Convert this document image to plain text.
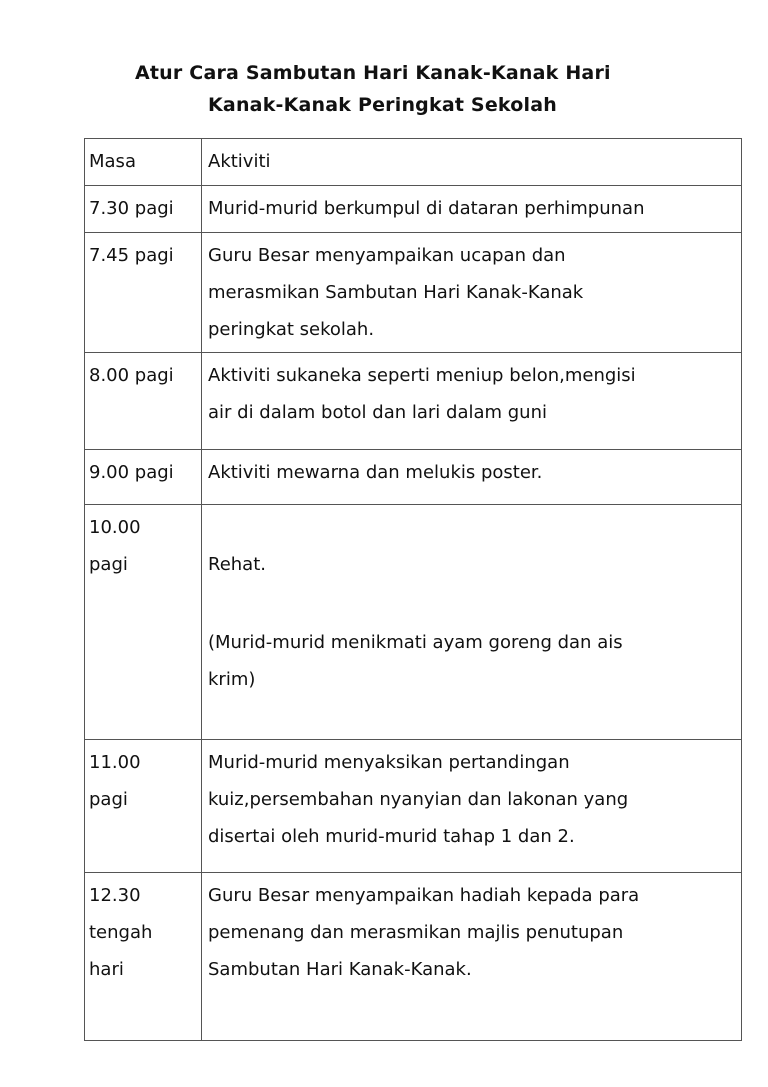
Atur Cara Sambutan Hari Kanak-Kanak Hari
Kanak-Kanak Peringkat Sekolah
Masa	Aktiviti
7.30 pagi	Murid-murid berkumpul di dataran perhimpunan
7.45 pagi	Guru Besar menyampaikan ucapan dan
merasmikan Sambutan Hari Kanak-Kanak
peringkat sekolah.
8.00 pagi	Aktiviti sukaneka seperti meniup belon,mengisi
air di dalam botol dan lari dalam guni
9.00 pagi	Aktiviti mewarna dan melukis poster.
10.00
pagi	Rehat.

(Murid-murid menikmati ayam goreng dan ais
krim)

11.00
pagi	Murid-murid menyaksikan pertandingan
kuiz,persembahan nyanyian dan lakonan yang
disertai oleh murid-murid tahap 1 dan 2.
12.30
tengah
hari	Guru Besar menyampaikan hadiah kepada para
pemenang dan merasmikan majlis penutupan
Sambutan Hari Kanak-Kanak.
